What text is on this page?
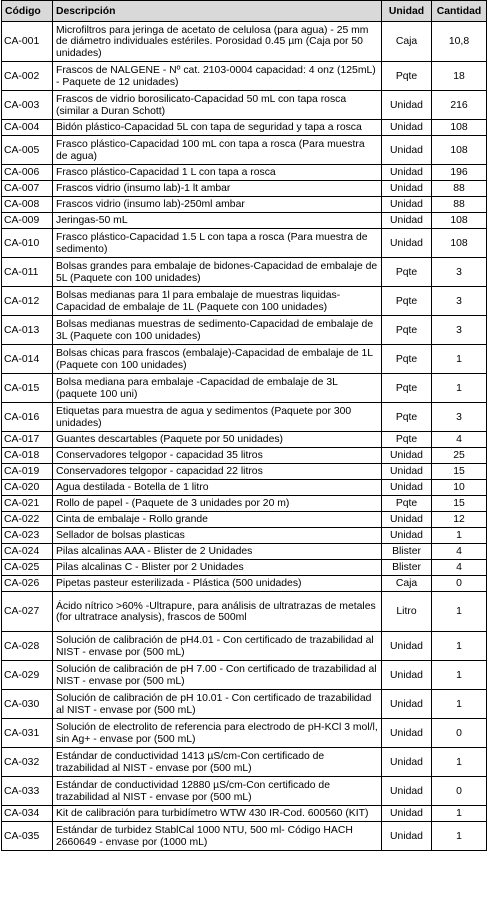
Código	Descripción	Unidad	Cantidad
CA-001	Microfiltros para jeringa de acetato de celulosa (para agua) - 25 mm de diámetro individuales estériles. Porosidad 0.45 µm (Caja por 50 unidades)	Caja	10,8
CA-002	Frascos de NALGENE - Nº cat. 2103-0004 capacidad: 4 onz (125mL) - Paquete de 12 unidades)	Pqte	18
CA-003	Frascos de vidrio borosilicato-Capacidad 50 mL con tapa rosca (similar a Duran Schott)	Unidad	216
CA-004	Bidón plástico-Capacidad 5L con tapa de seguridad y tapa a rosca	Unidad	108
CA-005	Frasco plástico-Capacidad 100 mL con tapa a rosca (Para muestra de agua)	Unidad	108
CA-006	Frasco plástico-Capacidad 1 L con tapa a rosca	Unidad	196
CA-007	Frascos vidrio (insumo lab)-1 lt ambar	Unidad	88
CA-008	Frascos vidrio (insumo lab)-250ml ambar	Unidad	88
CA-009	Jeringas-50 mL	Unidad	108
CA-010	Frasco plástico-Capacidad 1.5 L con tapa a rosca (Para muestra de sedimento)	Unidad	108
CA-011	Bolsas grandes para embalaje de bidones-Capacidad de embalaje de 5L (Paquete con 100 unidades)	Pqte	3
CA-012	Bolsas medianas para 1l para embalaje de muestras liquidas-Capacidad de embalaje de 1L (Paquete con 100 unidades)	Pqte	3
CA-013	Bolsas medianas muestras de sedimento-Capacidad de embalaje de 3L (Paquete con 100 unidades)	Pqte	3
CA-014	Bolsas chicas para frascos (embalaje)-Capacidad de embalaje de 1L (Paquete con 100 unidades)	Pqte	1
CA-015	Bolsa mediana para embalaje -Capacidad de embalaje de 3L (paquete 100 uni)	Pqte	1
CA-016	Etiquetas para muestra de agua y sedimentos (Paquete por 300 unidades)	Pqte	3
CA-017	Guantes descartables (Paquete por 50 unidades)	Pqte	4
CA-018	Conservadores telgopor - capacidad 35 litros	Unidad	25
CA-019	Conservadores telgopor - capacidad 22 litros	Unidad	15
CA-020	Agua destilada - Botella de 1 litro	Unidad	10
CA-021	Rollo de papel - (Paquete de 3 unidades por 20 m)	Pqte	15
CA-022	Cinta de embalaje - Rollo grande	Unidad	12
CA-023	Sellador de bolsas plasticas	Unidad	1
CA-024	Pilas alcalinas AAA - Blister de 2 Unidades	Blister	4
CA-025	Pilas alcalinas C - Blister por 2 Unidades	Blister	4
CA-026	Pipetas pasteur esterilizada - Plástica (500 unidades)	Caja	0
CA-027	Ácido nítrico >60% -Ultrapure, para análisis de ultratrazas de metales (for ultratrace analysis), frascos de 500ml	Litro	1
CA-028	Solución de calibración de pH4.01 - Con certificado de trazabilidad al NIST - envase por (500 mL)	Unidad	1
CA-029	Solución de calibración de pH 7.00 - Con certificado de trazabilidad al NIST - envase por (500 mL)	Unidad	1
CA-030	Solución de calibración de pH 10.01 - Con certificado de trazabilidad al NIST - envase por (500 mL)	Unidad	1
CA-031	Solución de electrolito de referencia para electrodo de pH-KCl 3 mol/l, sin Ag+ - envase por (500 mL)	Unidad	0
CA-032	Estándar de conductividad 1413 µS/cm-Con certificado de trazabilidad al NIST - envase por (500 mL)	Unidad	1
CA-033	Estándar de conductividad 12880 µS/cm-Con certificado de trazabilidad al NIST - envase por (500 mL)	Unidad	0
CA-034	Kit de calibración para turbidímetro WTW 430 IR-Cod. 600560 (KIT)	Unidad	1
CA-035	Estándar de turbidez StablCal 1000 NTU, 500 ml- Código HACH 2660649 - envase por (1000 mL)	Unidad	1
